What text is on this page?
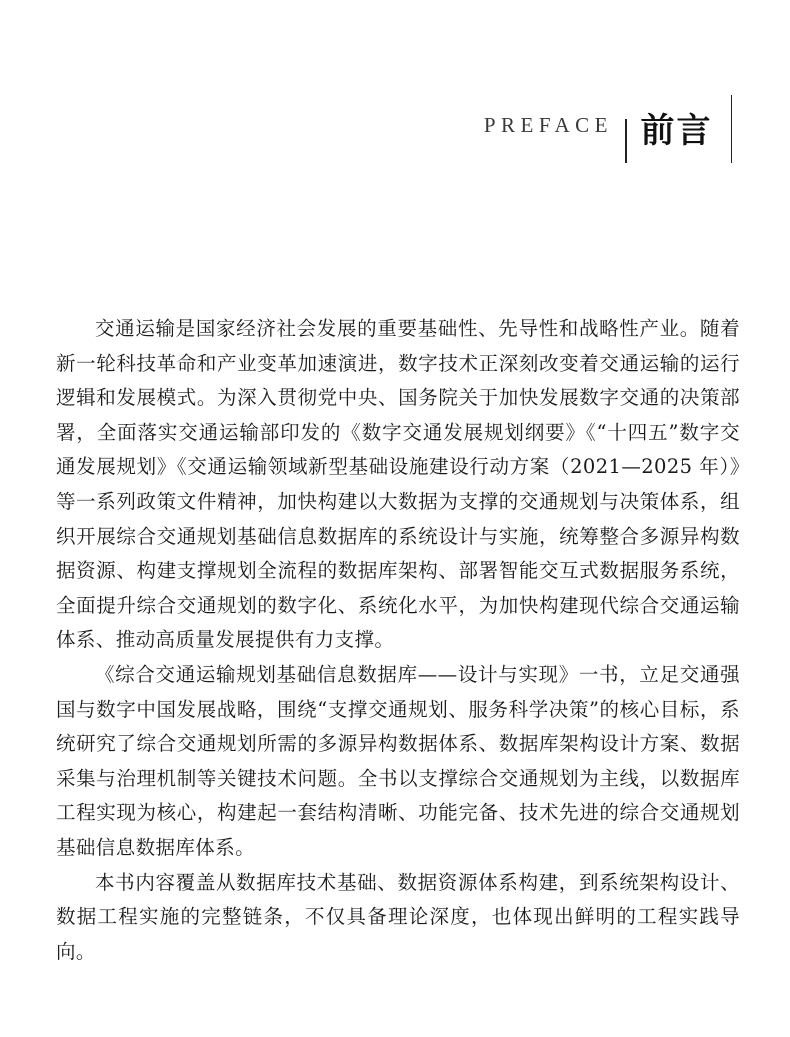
PREFACE 前言

交通运输是国家经济社会发展的重要基础性、先导性和战略性产业。随着新一轮科技革命和产业变革加速演进，数字技术正深刻改变着交通运输的运行逻辑和发展模式。为深入贯彻党中央、国务院关于加快发展数字交通的决策部署，全面落实交通运输部印发的《数字交通发展规划纲要》《“十四五”数字交通发展规划》《交通运输领域新型基础设施建设行动方案（2021—2025 年）》等一系列政策文件精神，加快构建以大数据为支撑的交通规划与决策体系，组织开展综合交通规划基础信息数据库的系统设计与实施，统筹整合多源异构数据资源、构建支撑规划全流程的数据库架构、部署智能交互式数据服务系统，全面提升综合交通规划的数字化、系统化水平，为加快构建现代综合交通运输体系、推动高质量发展提供有力支撑。

《综合交通运输规划基础信息数据库——设计与实现》一书，立足交通强国与数字中国发展战略，围绕“支撑交通规划、服务科学决策”的核心目标，系统研究了综合交通规划所需的多源异构数据体系、数据库架构设计方案、数据采集与治理机制等关键技术问题。全书以支撑综合交通规划为主线，以数据库工程实现为核心，构建起一套结构清晰、功能完备、技术先进的综合交通规划基础信息数据库体系。

本书内容覆盖从数据库技术基础、数据资源体系构建，到系统架构设计、数据工程实施的完整链条，不仅具备理论深度，也体现出鲜明的工程实践导向。
